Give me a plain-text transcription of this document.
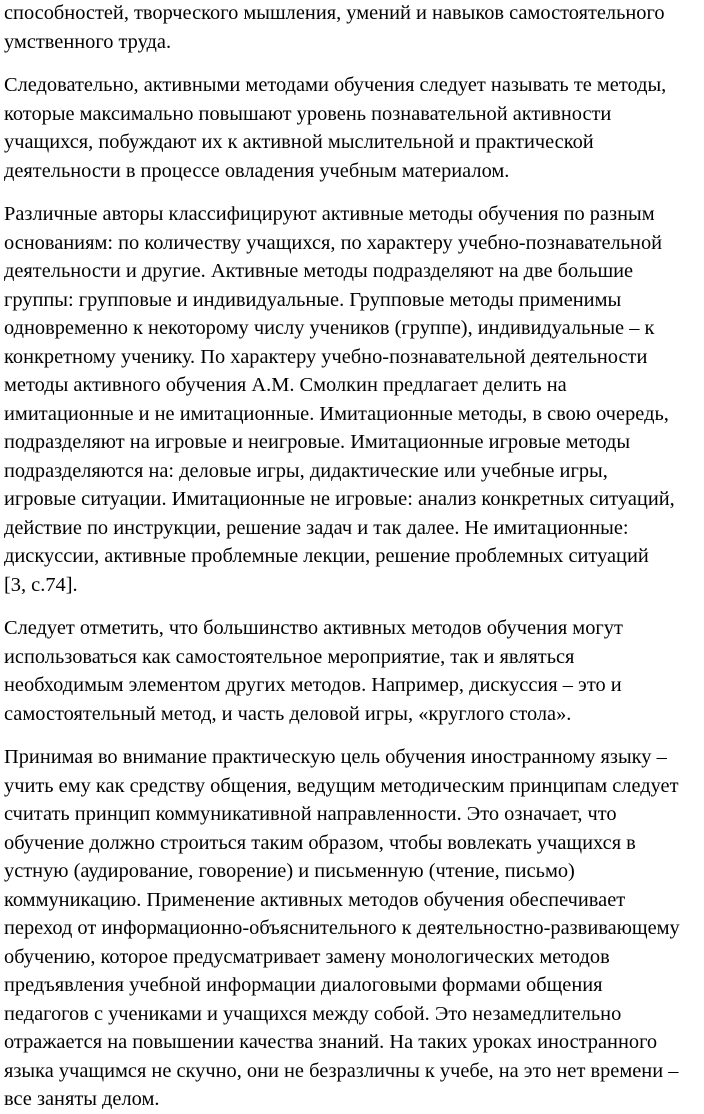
способностей, творческого мышления, умений и навыков самостоятельного
умственного труда.

Следовательно, активными методами обучения следует называть те методы,
которые максимально повышают уровень познавательной активности
учащихся, побуждают их к активной мыслительной и практической
деятельности в процессе овладения учебным материалом.

Различные авторы классифицируют активные методы обучения по разным
основаниям: по количеству учащихся, по характеру учебно-познавательной
деятельности и другие. Активные методы подразделяют на две большие
группы: групповые и индивидуальные. Групповые методы применимы
одновременно к некоторому числу учеников (группе), индивидуальные – к
конкретному ученику. По характеру учебно-познавательной деятельности
методы активного обучения А.М. Смолкин предлагает делить на
имитационные и не имитационные. Имитационные методы, в свою очередь,
подразделяют на игровые и неигровые. Имитационные игровые методы
подразделяются на: деловые игры, дидактические или учебные игры,
игровые ситуации. Имитационные не игровые: анализ конкретных ситуаций,
действие по инструкции, решение задач и так далее. Не имитационные:
дискуссии, активные проблемные лекции, решение проблемных ситуаций
[3, с.74].

Следует отметить, что большинство активных методов обучения могут
использоваться как самостоятельное мероприятие, так и являться
необходимым элементом других методов. Например, дискуссия – это и
самостоятельный метод, и часть деловой игры, «круглого стола».

Принимая во внимание практическую цель обучения иностранному языку –
учить ему как средству общения, ведущим методическим принципам следует
считать принцип коммуникативной направленности. Это означает, что
обучение должно строиться таким образом, чтобы вовлекать учащихся в
устную (аудирование, говорение) и письменную (чтение, письмо)
коммуникацию. Применение активных методов обучения обеспечивает
переход от информационно-объяснительного к деятельностно-развивающему
обучению, которое предусматривает замену монологических методов
предъявления учебной информации диалоговыми формами общения
педагогов с учениками и учащихся между собой. Это незамедлительно
отражается на повышении качества знаний. На таких уроках иностранного
языка учащимся не скучно, они не безразличны к учебе, на это нет времени –
все заняты делом.
